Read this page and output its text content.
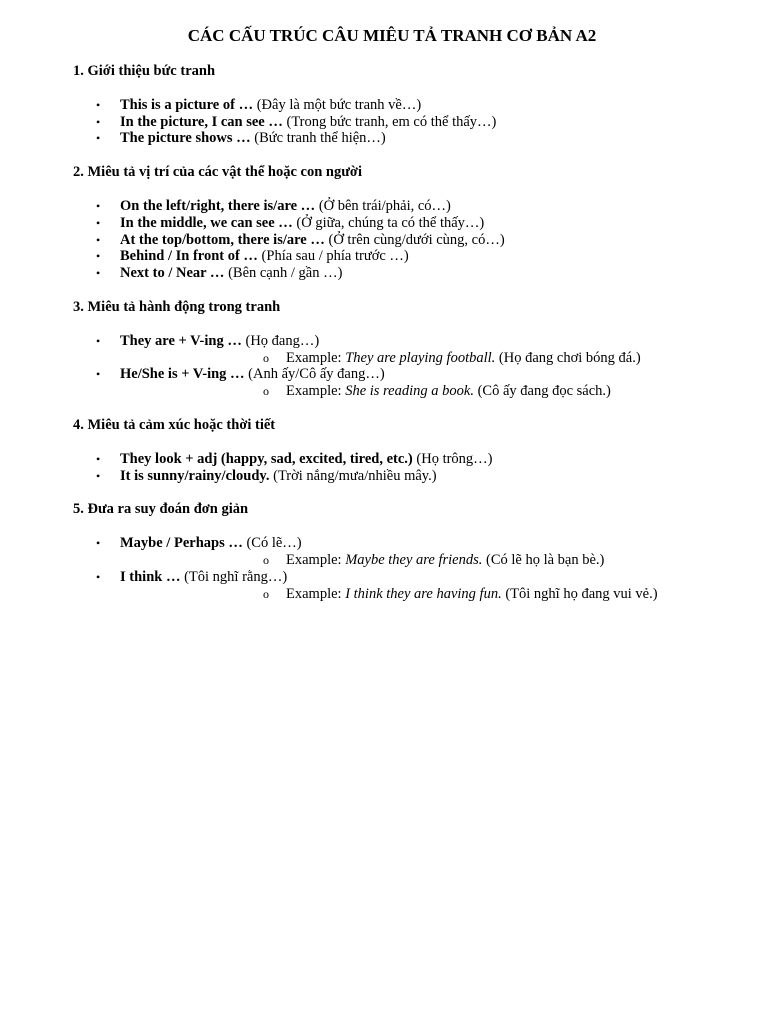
CÁC CẤU TRÚC CÂU MIÊU TẢ TRANH CƠ BẢN A2
1. Giới thiệu bức tranh
• This is a picture of … (Đây là một bức tranh về…)
• In the picture, I can see … (Trong bức tranh, em có thể thấy…)
• The picture shows … (Bức tranh thể hiện…)
2. Miêu tả vị trí của các vật thể hoặc con người
• On the left/right, there is/are … (Ở bên trái/phải, có…)
• In the middle, we can see … (Ở giữa, chúng ta có thể thấy…)
• At the top/bottom, there is/are … (Ở trên cùng/dưới cùng, có…)
• Behind / In front of … (Phía sau / phía trước …)
• Next to / Near … (Bên cạnh / gần …)
3. Miêu tả hành động trong tranh
• They are + V-ing … (Họ đang…)
o Example: They are playing football. (Họ đang chơi bóng đá.)
• He/She is + V-ing … (Anh ấy/Cô ấy đang…)
o Example: She is reading a book. (Cô ấy đang đọc sách.)
4. Miêu tả cảm xúc hoặc thời tiết
• They look + adj (happy, sad, excited, tired, etc.) (Họ trông…)
• It is sunny/rainy/cloudy. (Trời nắng/mưa/nhiều mây.)
5. Đưa ra suy đoán đơn giản
• Maybe / Perhaps … (Có lẽ…)
o Example: Maybe they are friends. (Có lẽ họ là bạn bè.)
• I think … (Tôi nghĩ rằng…)
o Example: I think they are having fun. (Tôi nghĩ họ đang vui vẻ.)
